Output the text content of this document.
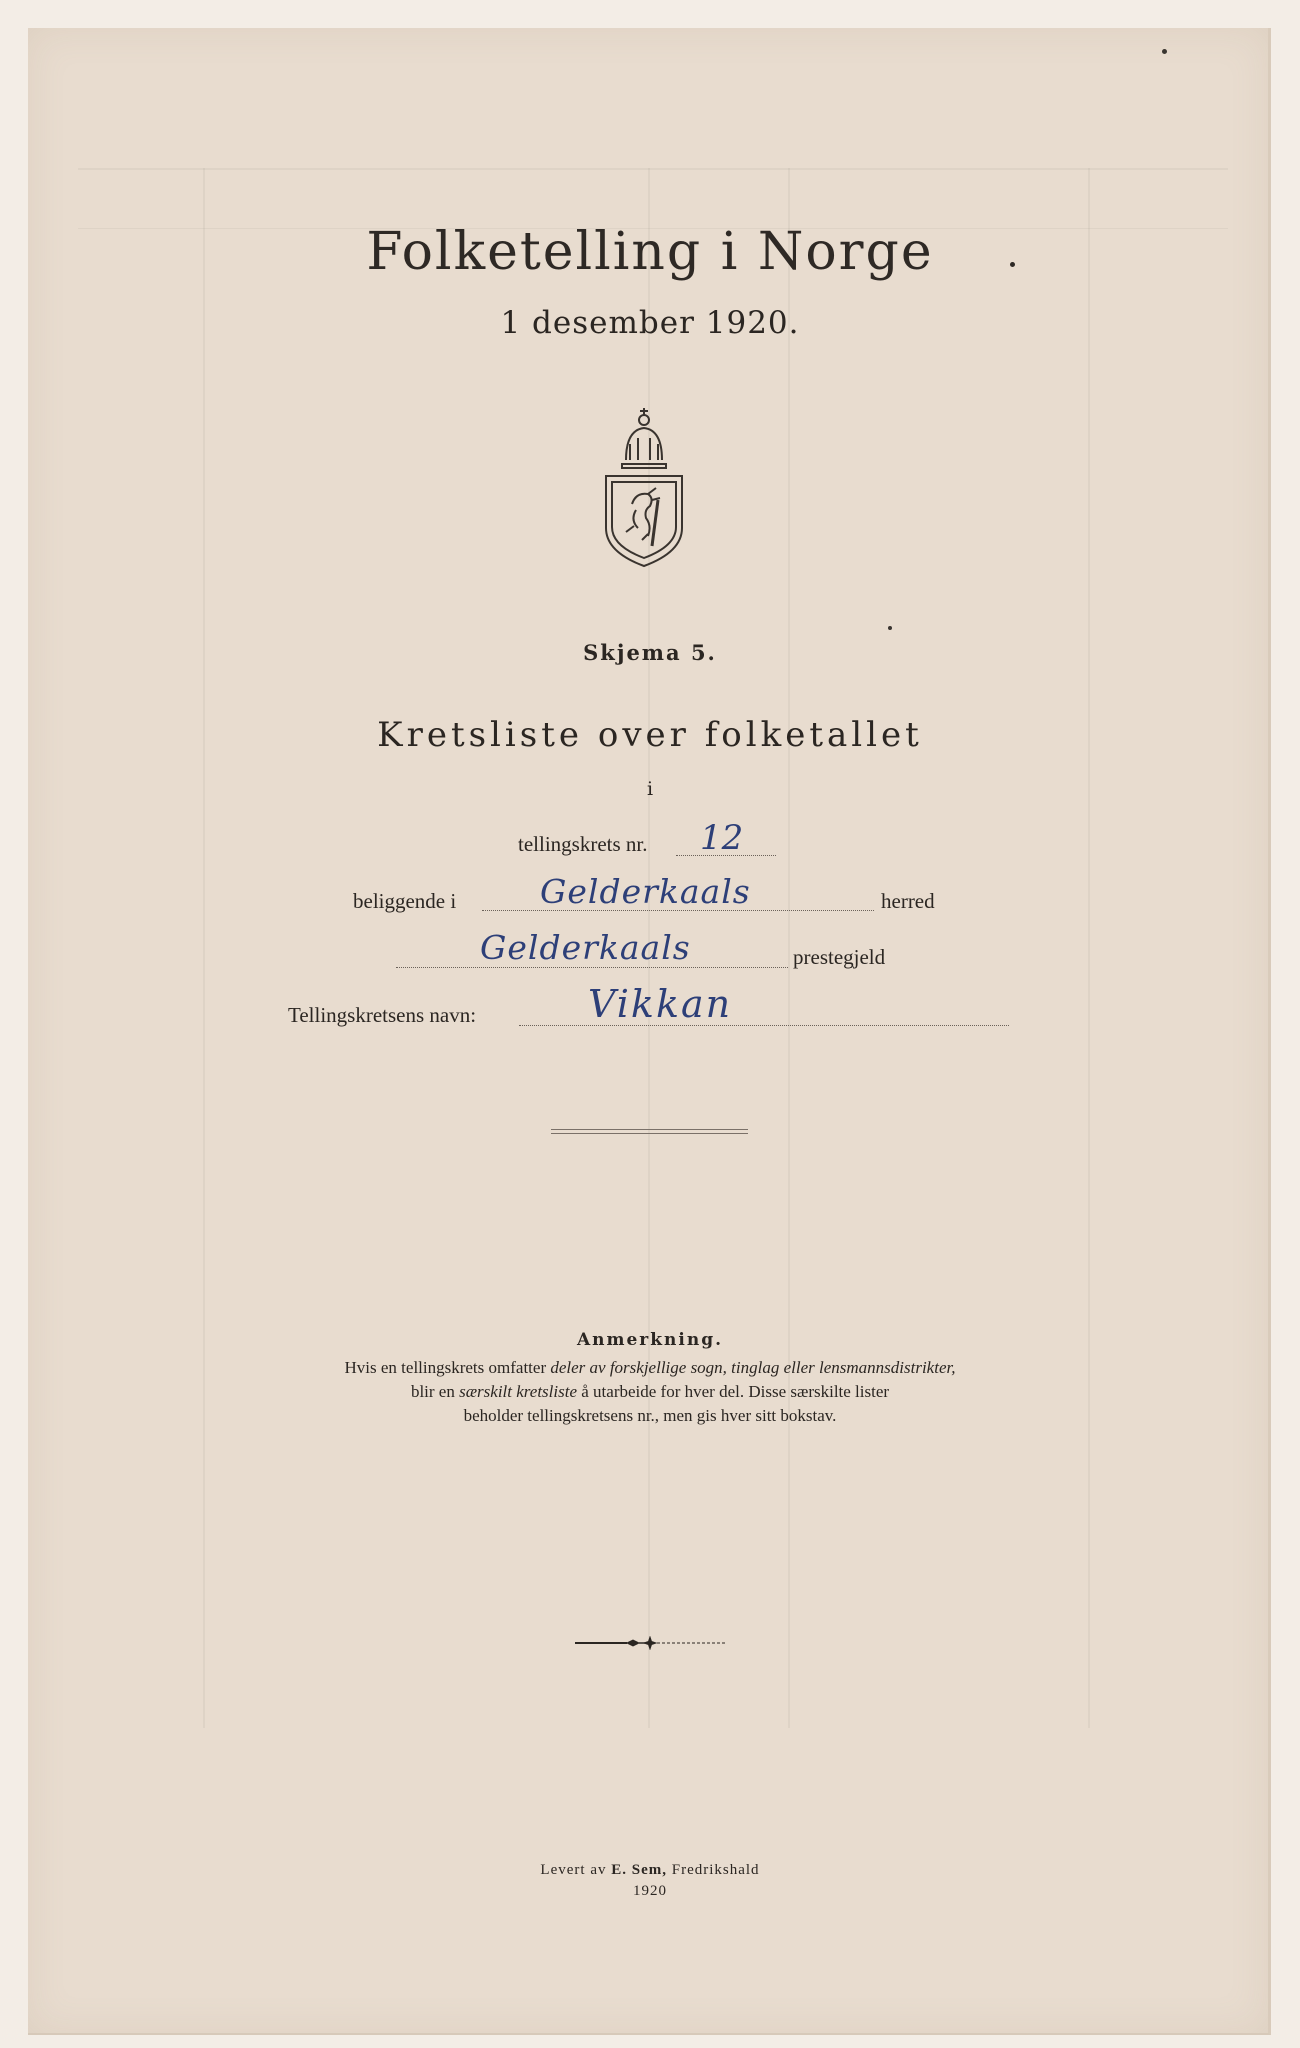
Folketelling i Norge
1 desember 1920.
Skjema 5.
Kretsliste over folketallet
i
tellingskrets nr. 12
beliggende i	Gelderkaals	herred
Gelderkaals	prestegjeld
Tellingskretsens navn:	Vikkan
Anmerkning.
Hvis en tellingskrets omfatter deler av forskjellige sogn, tinglag eller lensmannsdistrikter,
blir en særskilt kretsliste å utarbeide for hver del. Disse særskilte lister
beholder tellingskretsens nr., men gis hver sitt bokstav.
Levert av E. Sem, Fredrikshald
1920
